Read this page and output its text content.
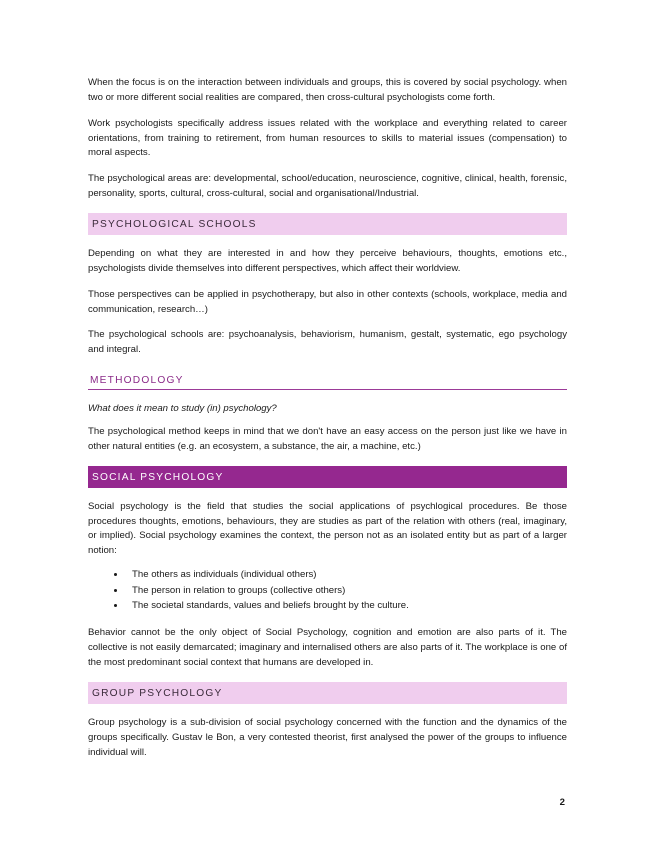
When the focus is on the interaction between individuals and groups, this is covered by social psychology. when two or more different social realities are compared, then cross-cultural psychologists come forth.

Work psychologists specifically address issues related with the workplace and everything related to career orientations, from training to retirement, from human resources to skills to material issues (compensation) to moral aspects.

The psychological areas are: developmental, school/education, neuroscience, cognitive, clinical, health, forensic, personality, sports, cultural, cross-cultural, social and organisational/Industrial.

PSYCHOLOGICAL SCHOOLS

Depending on what they are interested in and how they perceive behaviours, thoughts, emotions etc., psychologists divide themselves into different perspectives, which affect their worldview.

Those perspectives can be applied in psychotherapy, but also in other contexts (schools, workplace, media and communication, research…)

The psychological schools are: psychoanalysis, behaviorism, humanism, gestalt, systematic, ego psychology and integral.

METHODOLOGY

What does it mean to study (in) psychology?

The psychological method keeps in mind that we don't have an easy access on the person just like we have in other natural entities (e.g. an ecosystem, a substance, the air, a machine, etc.)

SOCIAL PSYCHOLOGY

Social psychology is the field that studies the social applications of psychlogical procedures. Be those procedures thoughts, emotions, behaviours, they are studies as part of the relation with others (real, imaginary, or implied). Social psychology examines the context, the person not as an isolated entity but as part of a larger notion:

• The others as individuals (individual others)
• The person in relation to groups (collective others)
• The societal standards, values and beliefs brought by the culture.

Behavior cannot be the only object of Social Psychology, cognition and emotion are also parts of it. The collective is not easily demarcated; imaginary and internalised others are also parts of it. The workplace is one of the most predominant social context that humans are developed in.

GROUP PSYCHOLOGY

Group psychology is a sub-division of social psychology concerned with the function and the dynamics of the groups specifically. Gustav le Bon, a very contested theorist, first analysed the power of the groups to influence individual will.

2
